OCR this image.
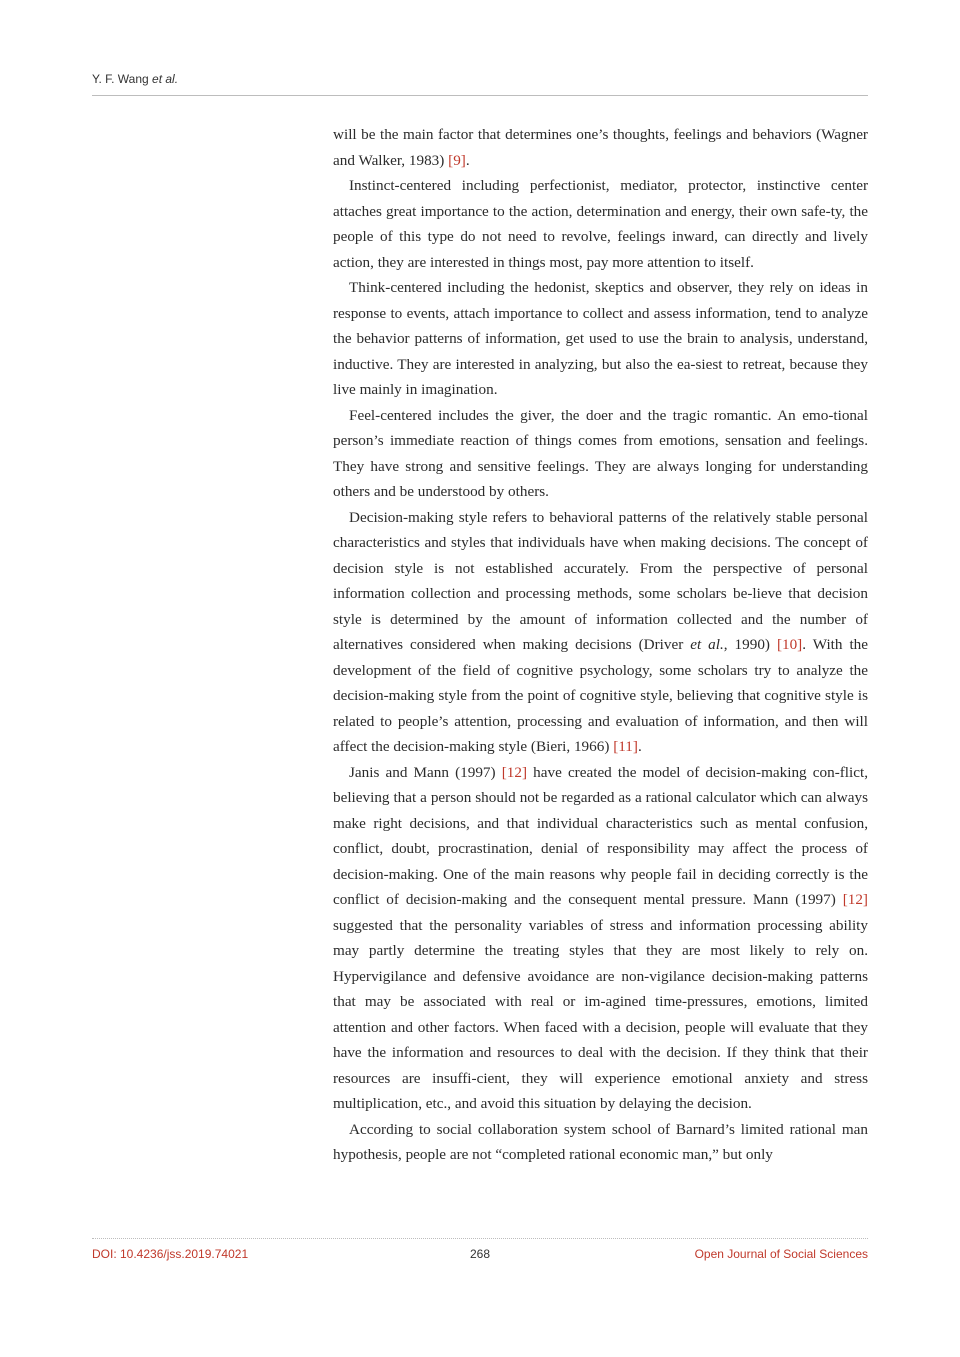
Y. F. Wang et al.

will be the main factor that determines one’s thoughts, feelings and behaviors (Wagner and Walker, 1983) [9].

Instinct-centered including perfectionist, mediator, protector, instinctive center attaches great importance to the action, determination and energy, their own safe-ty, the people of this type do not need to revolve, feelings inward, can directly and lively action, they are interested in things most, pay more attention to itself.

Think-centered including the hedonist, skeptics and observer, they rely on ideas in response to events, attach importance to collect and assess information, tend to analyze the behavior patterns of information, get used to use the brain to analysis, understand, inductive. They are interested in analyzing, but also the ea-siest to retreat, because they live mainly in imagination.

Feel-centered includes the giver, the doer and the tragic romantic. An emo-tional person’s immediate reaction of things comes from emotions, sensation and feelings. They have strong and sensitive feelings. They are always longing for understanding others and be understood by others.

Decision-making style refers to behavioral patterns of the relatively stable personal characteristics and styles that individuals have when making decisions. The concept of decision style is not established accurately. From the perspective of personal information collection and processing methods, some scholars be-lieve that decision style is determined by the amount of information collected and the number of alternatives considered when making decisions (Driver et al., 1990) [10]. With the development of the field of cognitive psychology, some scholars try to analyze the decision-making style from the point of cognitive style, believing that cognitive style is related to people’s attention, processing and evaluation of information, and then will affect the decision-making style (Bieri, 1966) [11].

Janis and Mann (1997) [12] have created the model of decision-making con-flict, believing that a person should not be regarded as a rational calculator which can always make right decisions, and that individual characteristics such as mental confusion, conflict, doubt, procrastination, denial of responsibility may affect the process of decision-making. One of the main reasons why people fail in deciding correctly is the conflict of decision-making and the consequent mental pressure. Mann (1997) [12] suggested that the personality variables of stress and information processing ability may partly determine the treating styles that they are most likely to rely on. Hypervigilance and defensive avoidance are non-vigilance decision-making patterns that may be associated with real or im-agined time-pressures, emotions, limited attention and other factors. When faced with a decision, people will evaluate that they have the information and resources to deal with the decision. If they think that their resources are insuffi-cient, they will experience emotional anxiety and stress multiplication, etc., and avoid this situation by delaying the decision.

According to social collaboration system school of Barnard’s limited rational man hypothesis, people are not “completed rational economic man,” but only

DOI: 10.4236/jss.2019.74021	268	Open Journal of Social Sciences
